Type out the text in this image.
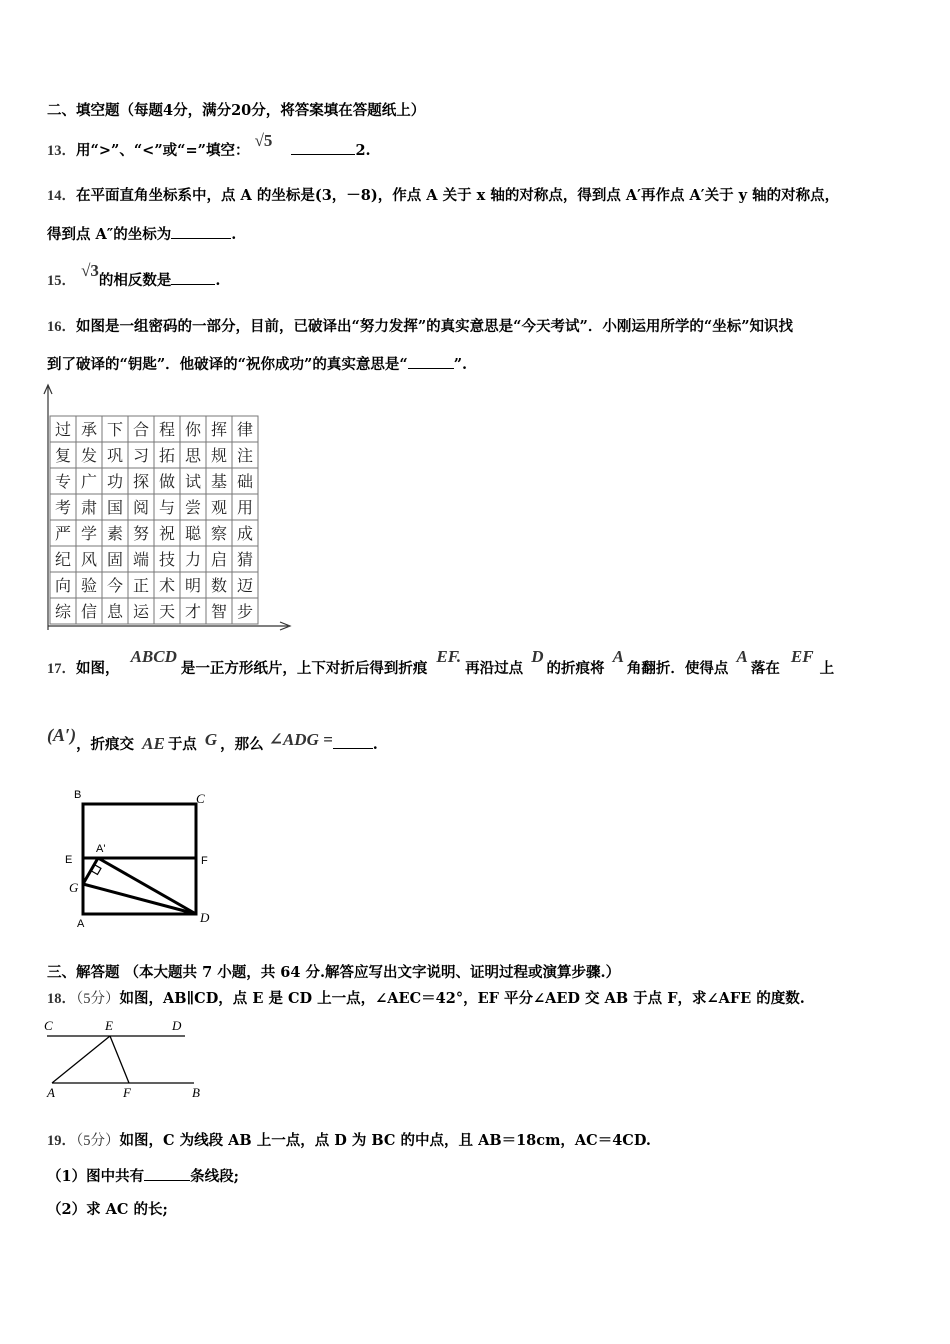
二、填空题（每题4分，满分20分，将答案填在答题纸上）
13．用“>”、“<”或“=”填空： √5 2.
14．在平面直角坐标系中，点 A 的坐标是(3，－8)，作点 A 关于 x 轴的对称点，得到点 A′再作点 A′关于 y 轴的对称点，
得到点 A″的坐标为	.
15． √3的相反数是	.
16．如图是一组密码的一部分，目前，已破译出“努力发挥”的真实意思是“今天考试”．小刚运用所学的“坐标”知识找
到了破译的“钥匙”．他破译的“祝你成功”的真实意思是“	”.
过 承 下 合 程 你 挥 律
复 发 巩 习 拓 思 规 注
专 广 功 探 做 试 基 础
考 肃 国 阅 与 尝 观 用
严 学 素 努 祝 聪 察 成
纪 风 固 端 技 力 启 猜
向 验 今 正 术 明 数 迈
综 信 息 运 天 才 智 步
17．如图， ABCD是一正方形纸片，上下对折后得到折痕 EF.再沿过点 D的折痕将 A角翻折．使得点 A落在 EF上
(A′)，折痕交 AE 于点 G ，那么 ∠ADG =	.
B	C
E	F
A'
G
A	D
三、解答题 （本大题共 7 小题，共 64 分.解答应写出文字说明、证明过程或演算步骤.）
18．（5分）如图，AB∥CD，点 E 是 CD 上一点，∠AEC＝42°，EF 平分∠AED 交 AB 于点 F，求∠AFE 的度数.
C	E	D
A	F	B
19．（5分）如图，C 为线段 AB 上一点，点 D 为 BC 的中点，且 AB＝18cm，AC＝4CD.
（1）图中共有	条线段;
（2）求 AC 的长;
